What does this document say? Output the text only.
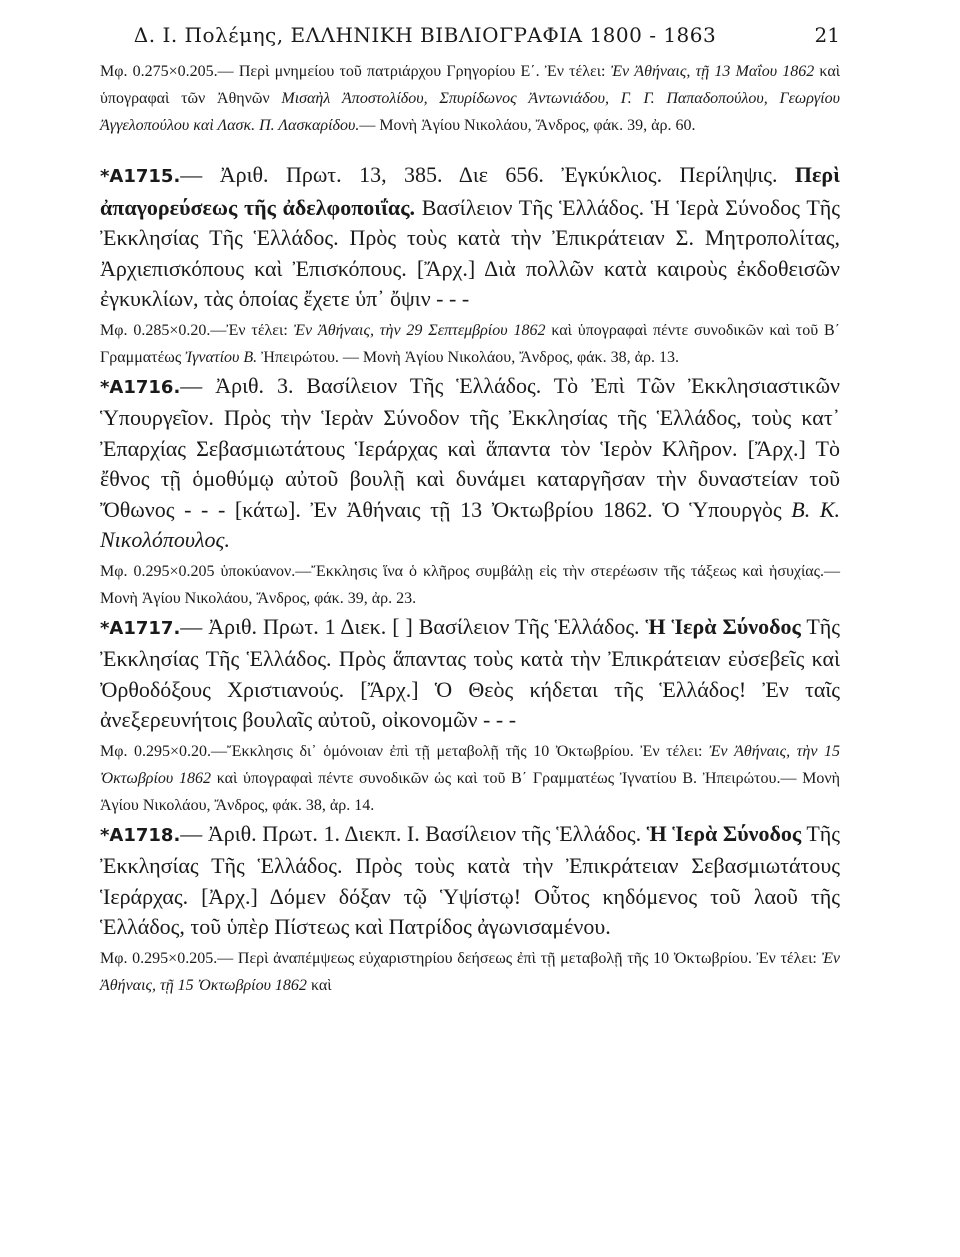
Δ. Ι. Πολέμης, ΕΛΛΗΝΙΚΗ ΒΙΒΛΙΟΓΡΑΦΙΑ 1800 - 1863	21

Μφ. 0.275×0.205.— Περὶ μνημείου τοῦ πατριάρχου Γρηγορίου Ε΄. Ἐν τέλει: Ἐν Ἀθήναις, τῇ 13 Μαΐου 1862 καὶ ὑπογραφαὶ τῶν Ἀθηνῶν Μισαὴλ Ἀποστολίδου, Σπυρίδωνος Ἀντωνιάδου, Γ. Γ. Παπαδοπούλου, Γεωργίου Ἀγγελοπούλου καὶ Λασκ. Π. Λασκαρίδου.— Μονὴ Ἁγίου Νικολάου, Ἄνδρος, φάκ. 39, ἀρ. 60.

*Α1715.— Ἀριθ. Πρωτ. 13, 385. Διε 656. Ἐγκύκλιος. Περίληψις. Περὶ ἀπαγορεύσεως τῆς ἀδελφοποιΐας. Βασίλειον Τῆς Ἑλλάδος. Ἡ Ἱερὰ Σύνοδος Τῆς Ἐκκλησίας Τῆς Ἑλλάδος. Πρὸς τοὺς κατὰ τὴν Ἐπικράτειαν Σ. Μητροπολίτας, Ἀρχιεπισκόπους καὶ Ἐπισκόπους. [Ἄρχ.] Διὰ πολλῶν κατὰ καιροὺς ἐκδοθεισῶν ἐγκυκλίων, τὰς ὁποίας ἔχετε ὑπ᾽ ὄψιν - - -

Μφ. 0.285×0.20.—Ἐν τέλει: Ἐν Ἀθήναις, τὴν 29 Σεπτεμβρίου 1862 καὶ ὑπογραφαὶ πέντε συνοδικῶν καὶ τοῦ Β΄ Γραμματέως Ἰγνατίου Β. Ἠπειρώτου. — Μονὴ Ἁγίου Νικολάου, Ἄνδρος, φάκ. 38, ἀρ. 13.

*Α1716.— Ἀριθ. 3. Βασίλειον Τῆς Ἑλλάδος. Τὸ Ἐπὶ Τῶν Ἐκκλησιαστικῶν Ὑπουργεῖον. Πρὸς τὴν Ἱερὰν Σύνοδον τῆς Ἐκκλησίας τῆς Ἑλλάδος, τοὺς κατ᾽ Ἐπαρχίας Σεβασμιωτάτους Ἱεράρχας καὶ ἅπαντα τὸν Ἱερὸν Κλῆρον. [Ἄρχ.] Τὸ ἔθνος τῇ ὁμοθύμῳ αὐτοῦ βουλῇ καὶ δυνάμει καταργῆσαν τὴν δυναστείαν τοῦ Ὄθωνος - - - [κάτω]. Ἐν Ἀθήναις τῇ 13 Ὀκτωβρίου 1862. Ὁ Ὑπουργὸς Β. Κ. Νικολόπουλος.

Μφ. 0.295×0.205 ὑποκύανον.—Ἔκκλησις ἵνα ὁ κλῆρος συμβάλῃ εἰς τὴν στερέωσιν τῆς τάξεως καὶ ἡσυχίας.— Μονὴ Ἁγίου Νικολάου, Ἄνδρος, φάκ. 39, ἀρ. 23.

*Α1717.— Ἀριθ. Πρωτ. 1 Διεκ. [ ] Βασίλειον Τῆς Ἑλλάδος. Ἡ Ἱερὰ Σύνοδος Τῆς Ἐκκλησίας Τῆς Ἑλλάδος. Πρὸς ἅπαντας τοὺς κατὰ τὴν Ἐπικράτειαν εὐσεβεῖς καὶ Ὀρθοδόξους Χριστιανούς. [Ἄρχ.] Ὁ Θεὸς κήδεται τῆς Ἑλλάδος! Ἐν ταῖς ἀνεξερευνήτοις βουλαῖς αὐτοῦ, οἰκονομῶν - - -

Μφ. 0.295×0.20.—Ἔκκλησις δι᾽ ὁμόνοιαν ἐπὶ τῇ μεταβολῇ τῆς 10 Ὀκτωβρίου. Ἐν τέλει: Ἐν Ἀθήναις, τὴν 15 Ὀκτωβρίου 1862 καὶ ὑπογραφαὶ πέντε συνοδικῶν ὡς καὶ τοῦ Β΄ Γραμματέως Ἰγνατίου Β. Ἠπειρώτου.— Μονὴ Ἁγίου Νικολάου, Ἄνδρος, φάκ. 38, ἀρ. 14.

*Α1718.— Ἀριθ. Πρωτ. 1. Διεκπ. Ι. Βασίλειον τῆς Ἑλλάδος. Ἡ Ἱερὰ Σύνοδος Τῆς Ἐκκλησίας Τῆς Ἑλλάδος. Πρὸς τοὺς κατὰ τὴν Ἐπικράτειαν Σεβασμιωτάτους Ἱεράρχας. [Ἀρχ.] Δόμεν δόξαν τῷ Ὑψίστῳ! Οὗτος κηδόμενος τοῦ λαοῦ τῆς Ἑλλάδος, τοῦ ὑπὲρ Πίστεως καὶ Πατρίδος ἀγωνισαμένου.

Μφ. 0.295×0.205.— Περὶ ἀναπέμψεως εὐχαριστηρίου δεήσεως ἐπὶ τῇ μεταβολῇ τῆς 10 Ὀκτωβρίου. Ἐν τέλει: Ἐν Ἀθήναις, τῇ 15 Ὀκτωβρίου 1862 καὶ
